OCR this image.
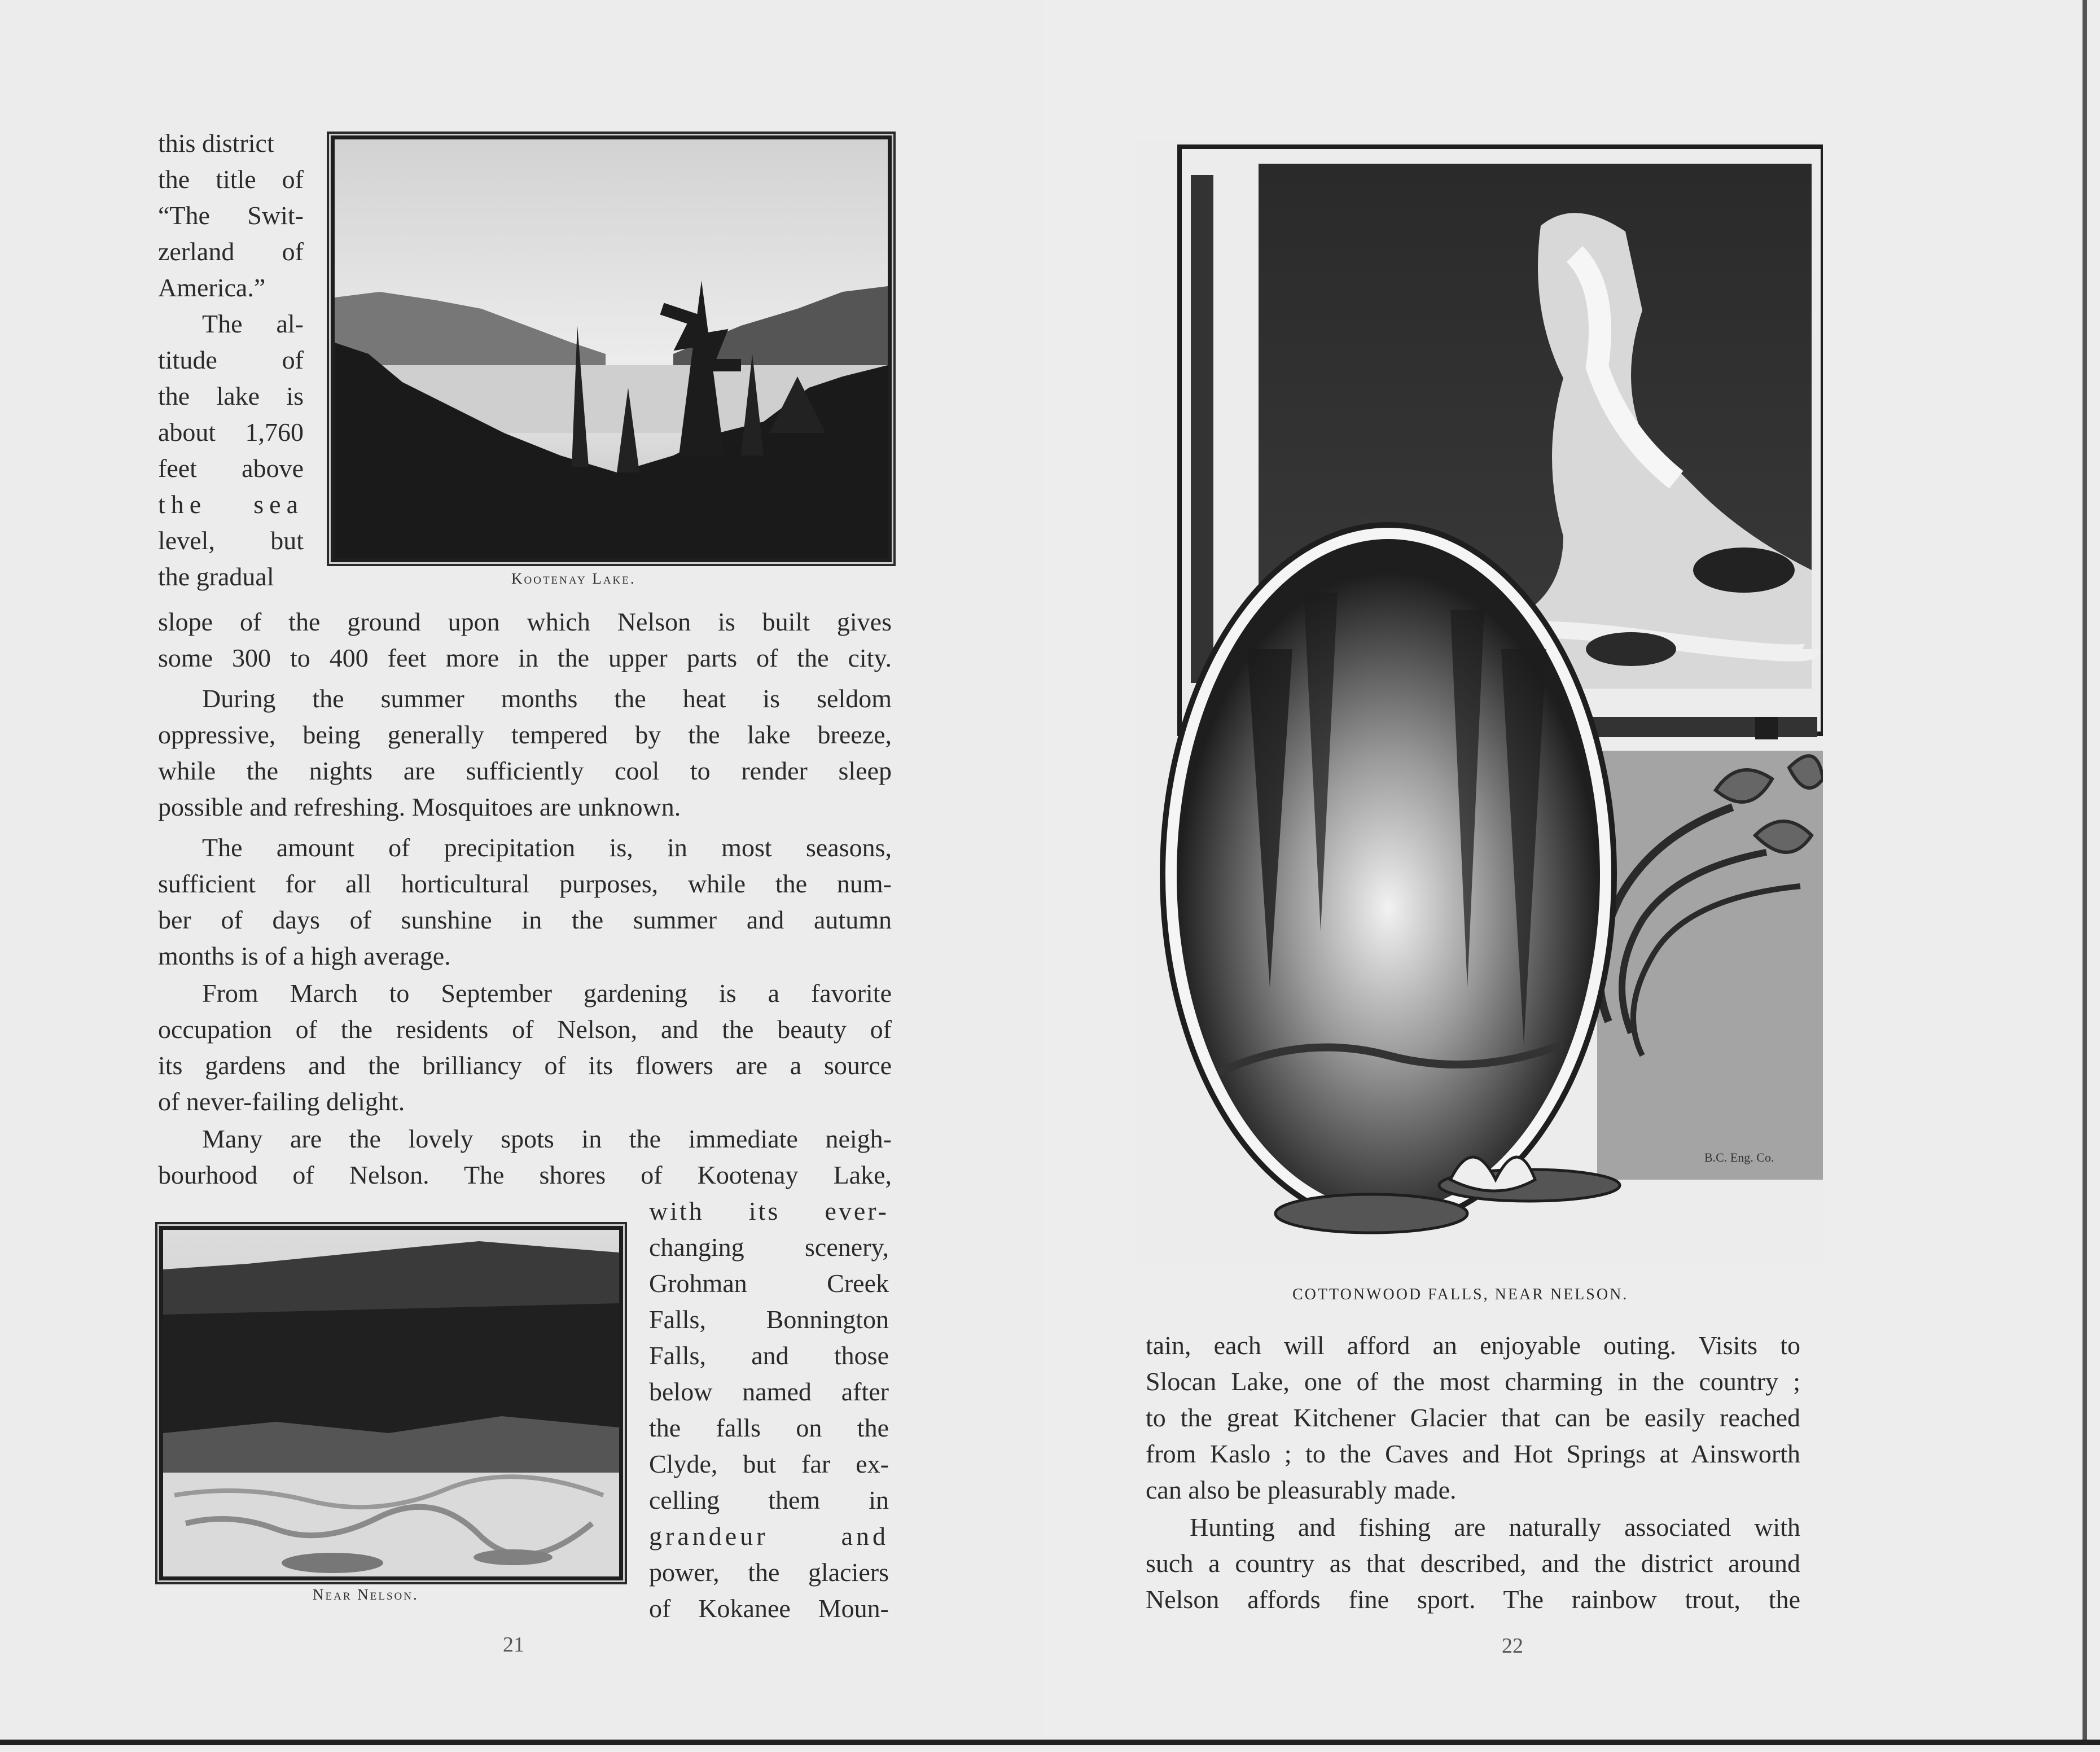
this district
the title of
“The Swit-
zerland of
America.”
The al-
titude of
the lake is
about 1,760
feet above
the sea
level, but
the gradual	Kootenay Lake.
slope of the ground upon which Nelson is built gives
some 300 to 400 feet more in the upper parts of the city.
During the summer months the heat is seldom
oppressive, being generally tempered by the lake breeze,
while the nights are sufficiently cool to render sleep
possible and refreshing. Mosquitoes are unknown.
The amount of precipitation is, in most seasons,
sufficient for all horticultural purposes, while the num-
ber of days of sunshine in the summer and autumn
months is of a high average.
From March to September gardening is a favorite
occupation of the residents of Nelson, and the beauty of
its gardens and the brilliancy of its flowers are a source
of never-failing delight.
Many are the lovely spots in the immediate neigh-
bourhood of Nelson. The shores of Kootenay Lake,
Near Nelson.
with its ever-
changing scenery,
Grohman Creek
Falls, Bonnington
Falls, and those
below named after
the falls on the
Clyde, but far ex-
celling them in
grandeur and
power, the glaciers
of Kokanee Moun-
21
B.C. Eng. Co.
COTTONWOOD FALLS, NEAR NELSON.
tain, each will afford an enjoyable outing. Visits to
Slocan Lake, one of the most charming in the country ;
to the great Kitchener Glacier that can be easily reached
from Kaslo ; to the Caves and Hot Springs at Ainsworth
can also be pleasurably made.
Hunting and fishing are naturally associated with
such a country as that described, and the district around
Nelson affords fine sport. The rainbow trout, the
22
